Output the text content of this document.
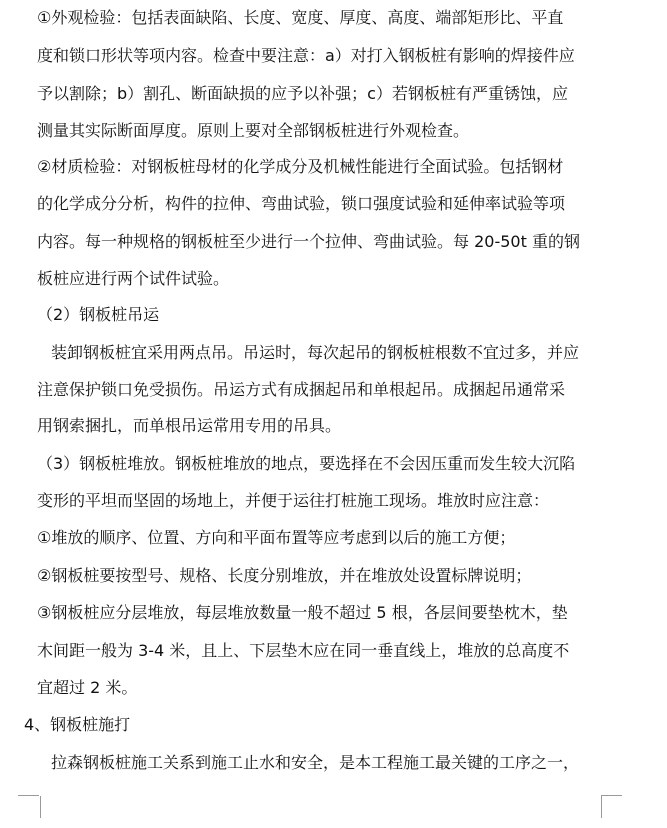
①外观检验：包括表面缺陷、长度、宽度、厚度、高度、端部矩形比、平直
度和锁口形状等项内容。检查中要注意：a）对打入钢板桩有影响的焊接件应
予以割除；b）割孔、断面缺损的应予以补强；c）若钢板桩有严重锈蚀，应
测量其实际断面厚度。原则上要对全部钢板桩进行外观检查。
②材质检验：对钢板桩母材的化学成分及机械性能进行全面试验。包括钢材
的化学成分分析，构件的拉伸、弯曲试验，锁口强度试验和延伸率试验等项
内容。每一种规格的钢板桩至少进行一个拉伸、弯曲试验。每 20-50t 重的钢
板桩应进行两个试件试验。
（2）钢板桩吊运
装卸钢板桩宜采用两点吊。吊运时，每次起吊的钢板桩根数不宜过多，并应
注意保护锁口免受损伤。吊运方式有成捆起吊和单根起吊。成捆起吊通常采
用钢索捆扎，而单根吊运常用专用的吊具。
（3）钢板桩堆放。钢板桩堆放的地点，要选择在不会因压重而发生较大沉陷
变形的平坦而坚固的场地上，并便于运往打桩施工现场。堆放时应注意：
①堆放的顺序、位置、方向和平面布置等应考虑到以后的施工方便；
②钢板桩要按型号、规格、长度分别堆放，并在堆放处设置标牌说明；
③钢板桩应分层堆放，每层堆放数量一般不超过 5 根，各层间要垫枕木，垫
木间距一般为 3-4 米，且上、下层垫木应在同一垂直线上，堆放的总高度不
宜超过 2 米。
4、钢板桩施打
拉森钢板桩施工关系到施工止水和安全，是本工程施工最关键的工序之一，
